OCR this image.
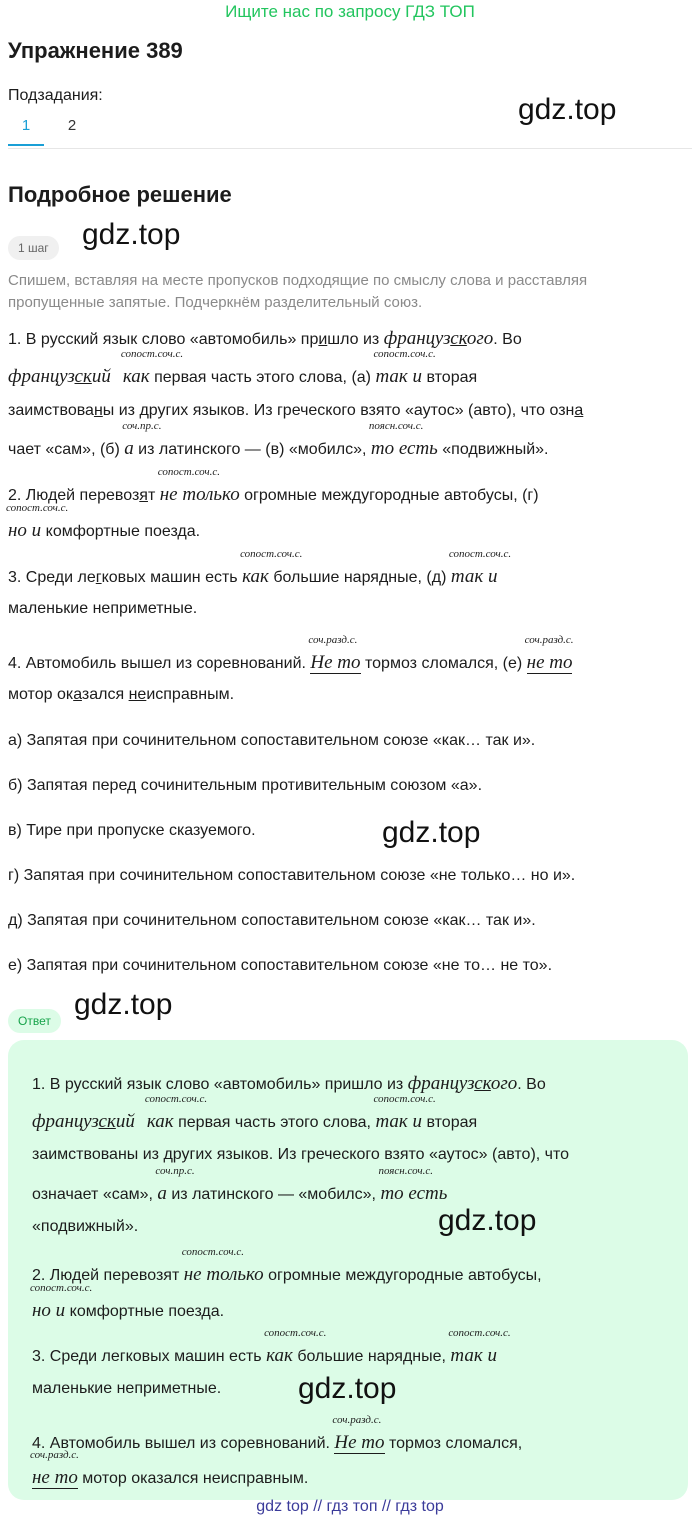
Ищите нас по запросу ГДЗ ТОП
Упражнение 389
Подзадания:
1	2	gdz.top
Подробное решение
1 шаг	gdz.top
Спишем, вставляя на месте пропусков подходящие по смыслу слова и расставляя
пропущенные запятые. Подчеркнём разделительный союз.
1. В русский язык слово «автомобиль» пришло из французского. Во
французский
сопост.соч.с.
как первая часть этого слова, (а)
сопост.соч.с.
так и вторая
заимствованы из других языков. Из греческого взято «аутос» (авто), что озна
чает «сам», (б)
соч.пр.с.
а из латинского — (в) «мобилс»,
поясн.соч.с.
то есть «подвижный».
2. Людей перевозят
сопост.соч.с.
не только огромные междугородные автобусы, (г)
сопост.соч.с.
но и комфортные поезда.
3. Среди легковых машин есть
сопост.соч.с.
как большие нарядные, (д)
сопост.соч.с.
так и
маленькие неприметные.
4. Автомобиль вышел из соревнований.
соч.разд.с.
Не то тормоз сломался, (е)
соч.разд.с.
не то
мотор оказался неисправным.
а) Запятая при сочинительном сопоставительном союзе «как… так и».
б) Запятая перед сочинительным противительным союзом «а».
в) Тире при пропуске сказуемого.	gdz.top
г) Запятая при сочинительном сопоставительном союзе «не только… но и».
д) Запятая при сочинительном сопоставительном союзе «как… так и».
е) Запятая при сочинительном сопоставительном союзе «не то… не то».
Ответ gdz.top
1. В русский язык слово «автомобиль» пришло из французского. Во
французский
сопост.соч.с.
как первая часть этого слова,
сопост.соч.с.
так и вторая
заимствованы из других языков. Из греческого взято «аутос» (авто), что
означает «сам»,
соч.пр.с.
а из латинского — «мобилс»,
поясн.соч.с.
то есть
«подвижный».	gdz.top
2. Людей перевозят
сопост.соч.с.
не только огромные междугородные автобусы,
сопост.соч.с.
но и комфортные поезда.
3. Среди легковых машин есть
сопост.соч.с.
как большие нарядные,
сопост.соч.с.
так и
маленькие неприметные.	gdz.top
4. Автомобиль вышел из соревнований.
соч.разд.с.
Не то тормоз сломался,
соч.разд.с.
не то мотор оказался неисправным.
gdz top // гдз топ // гдз top
